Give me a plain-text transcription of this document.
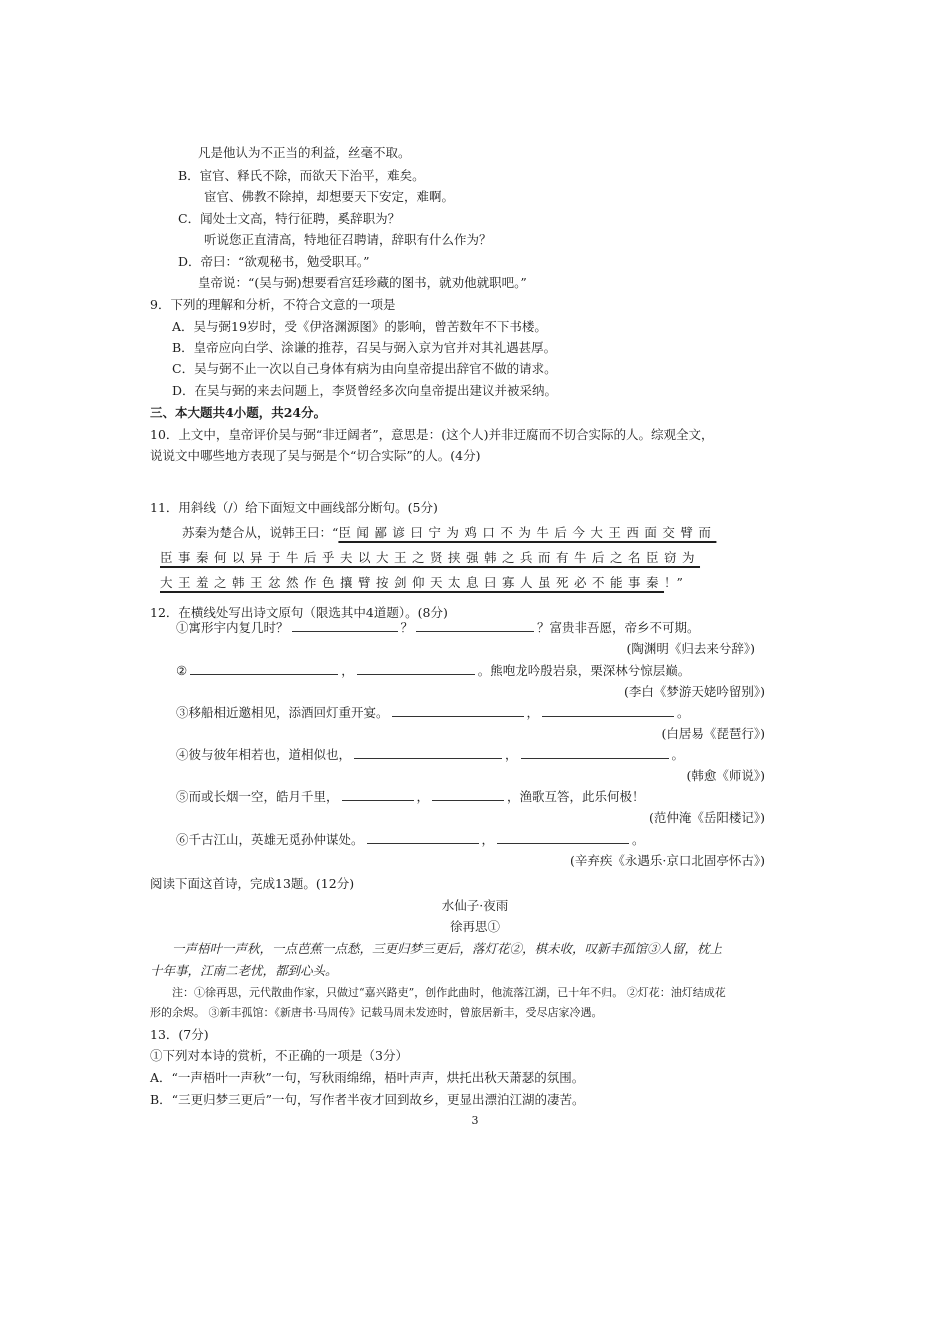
凡是他认为不正当的利益，丝毫不取。
B．宦官、释氏不除，而欲天下治平，难矣。
宦官、佛教不除掉，却想要天下安定，难啊。
C．闻处士文高，特行征聘，奚辞职为？
听说您正直清高，特地征召聘请，辞职有什么作为？
D．帝曰：“欲观秘书，勉受职耳。”
皇帝说：“(吴与弼)想要看宫廷珍藏的图书，就劝他就职吧。”
9．下列的理解和分析，不符合文意的一项是
A．吴与弼19岁时，受《伊洛渊源图》的影响，曾苦数年不下书楼。
B．皇帝应向白学、涂谦的推荐，召吴与弼入京为官并对其礼遇甚厚。
C．吴与弼不止一次以自己身体有病为由向皇帝提出辞官不做的请求。
D．在吴与弼的来去问题上，李贤曾经多次向皇帝提出建议并被采纳。
三、本大题共4小题，共24分。
10．上文中，皇帝评价吴与弼“非迂阔者”，意思是：(这个人)并非迂腐而不切合实际的人。综观全文，
说说文中哪些地方表现了吴与弼是个“切合实际”的人。(4分)
11．用斜线（/）给下面短文中画线部分断句。(5分)
苏秦为楚合从，说韩王曰：“臣闻鄙谚曰宁为鸡口不为牛后今大王西面交臂而
臣事秦何以异于牛后乎夫以大王之贤挟强韩之兵而有牛后之名臣窃为
大王羞之韩王忿然作色攘臂按剑仰天太息曰寡人虽死必不能事秦！”
12．在横线处写出诗文原句（限选其中4道题）。(8分)
①寓形宇内复几时？	？	？富贵非吾愿，帝乡不可期。
(陶渊明《归去来兮辞》)
②	，	。熊咆龙吟殷岩泉，栗深林兮惊层巅。
(李白《梦游天姥吟留别》)
③移船相近邀相见，添酒回灯重开宴。	，	。
(白居易《琵琶行》)
④彼与彼年相若也，道相似也，	，	。
(韩愈《师说》)
⑤而或长烟一空，皓月千里，	，	，渔歌互答，此乐何极！
(范仲淹《岳阳楼记》)
⑥千古江山，英雄无觅孙仲谋处。	，	。
(辛弃疾《永遇乐·京口北固亭怀古》)
阅读下面这首诗，完成13题。(12分)
水仙子·夜雨
徐再思①
一声梧叶一声秋，一点芭蕉一点愁，三更归梦三更后，落灯花②，棋未收，叹新丰孤馆③人留，枕上
十年事，江南二老忧，都到心头。
注：①徐再思，元代散曲作家，只做过“嘉兴路吏”，创作此曲时，他流落江湖，已十年不归。 ②灯花：油灯结成花
形的余烬。 ③新丰孤馆：《新唐书·马周传》记载马周未发迹时，曾旅居新丰，受尽店家冷遇。
13．(7分)
①下列对本诗的赏析，不正确的一项是（3分）
A．“一声梧叶一声秋”一句，写秋雨绵绵，梧叶声声，烘托出秋天萧瑟的氛围。
B．“三更归梦三更后”一句，写作者半夜才回到故乡，更显出漂泊江湖的凄苦。
3
